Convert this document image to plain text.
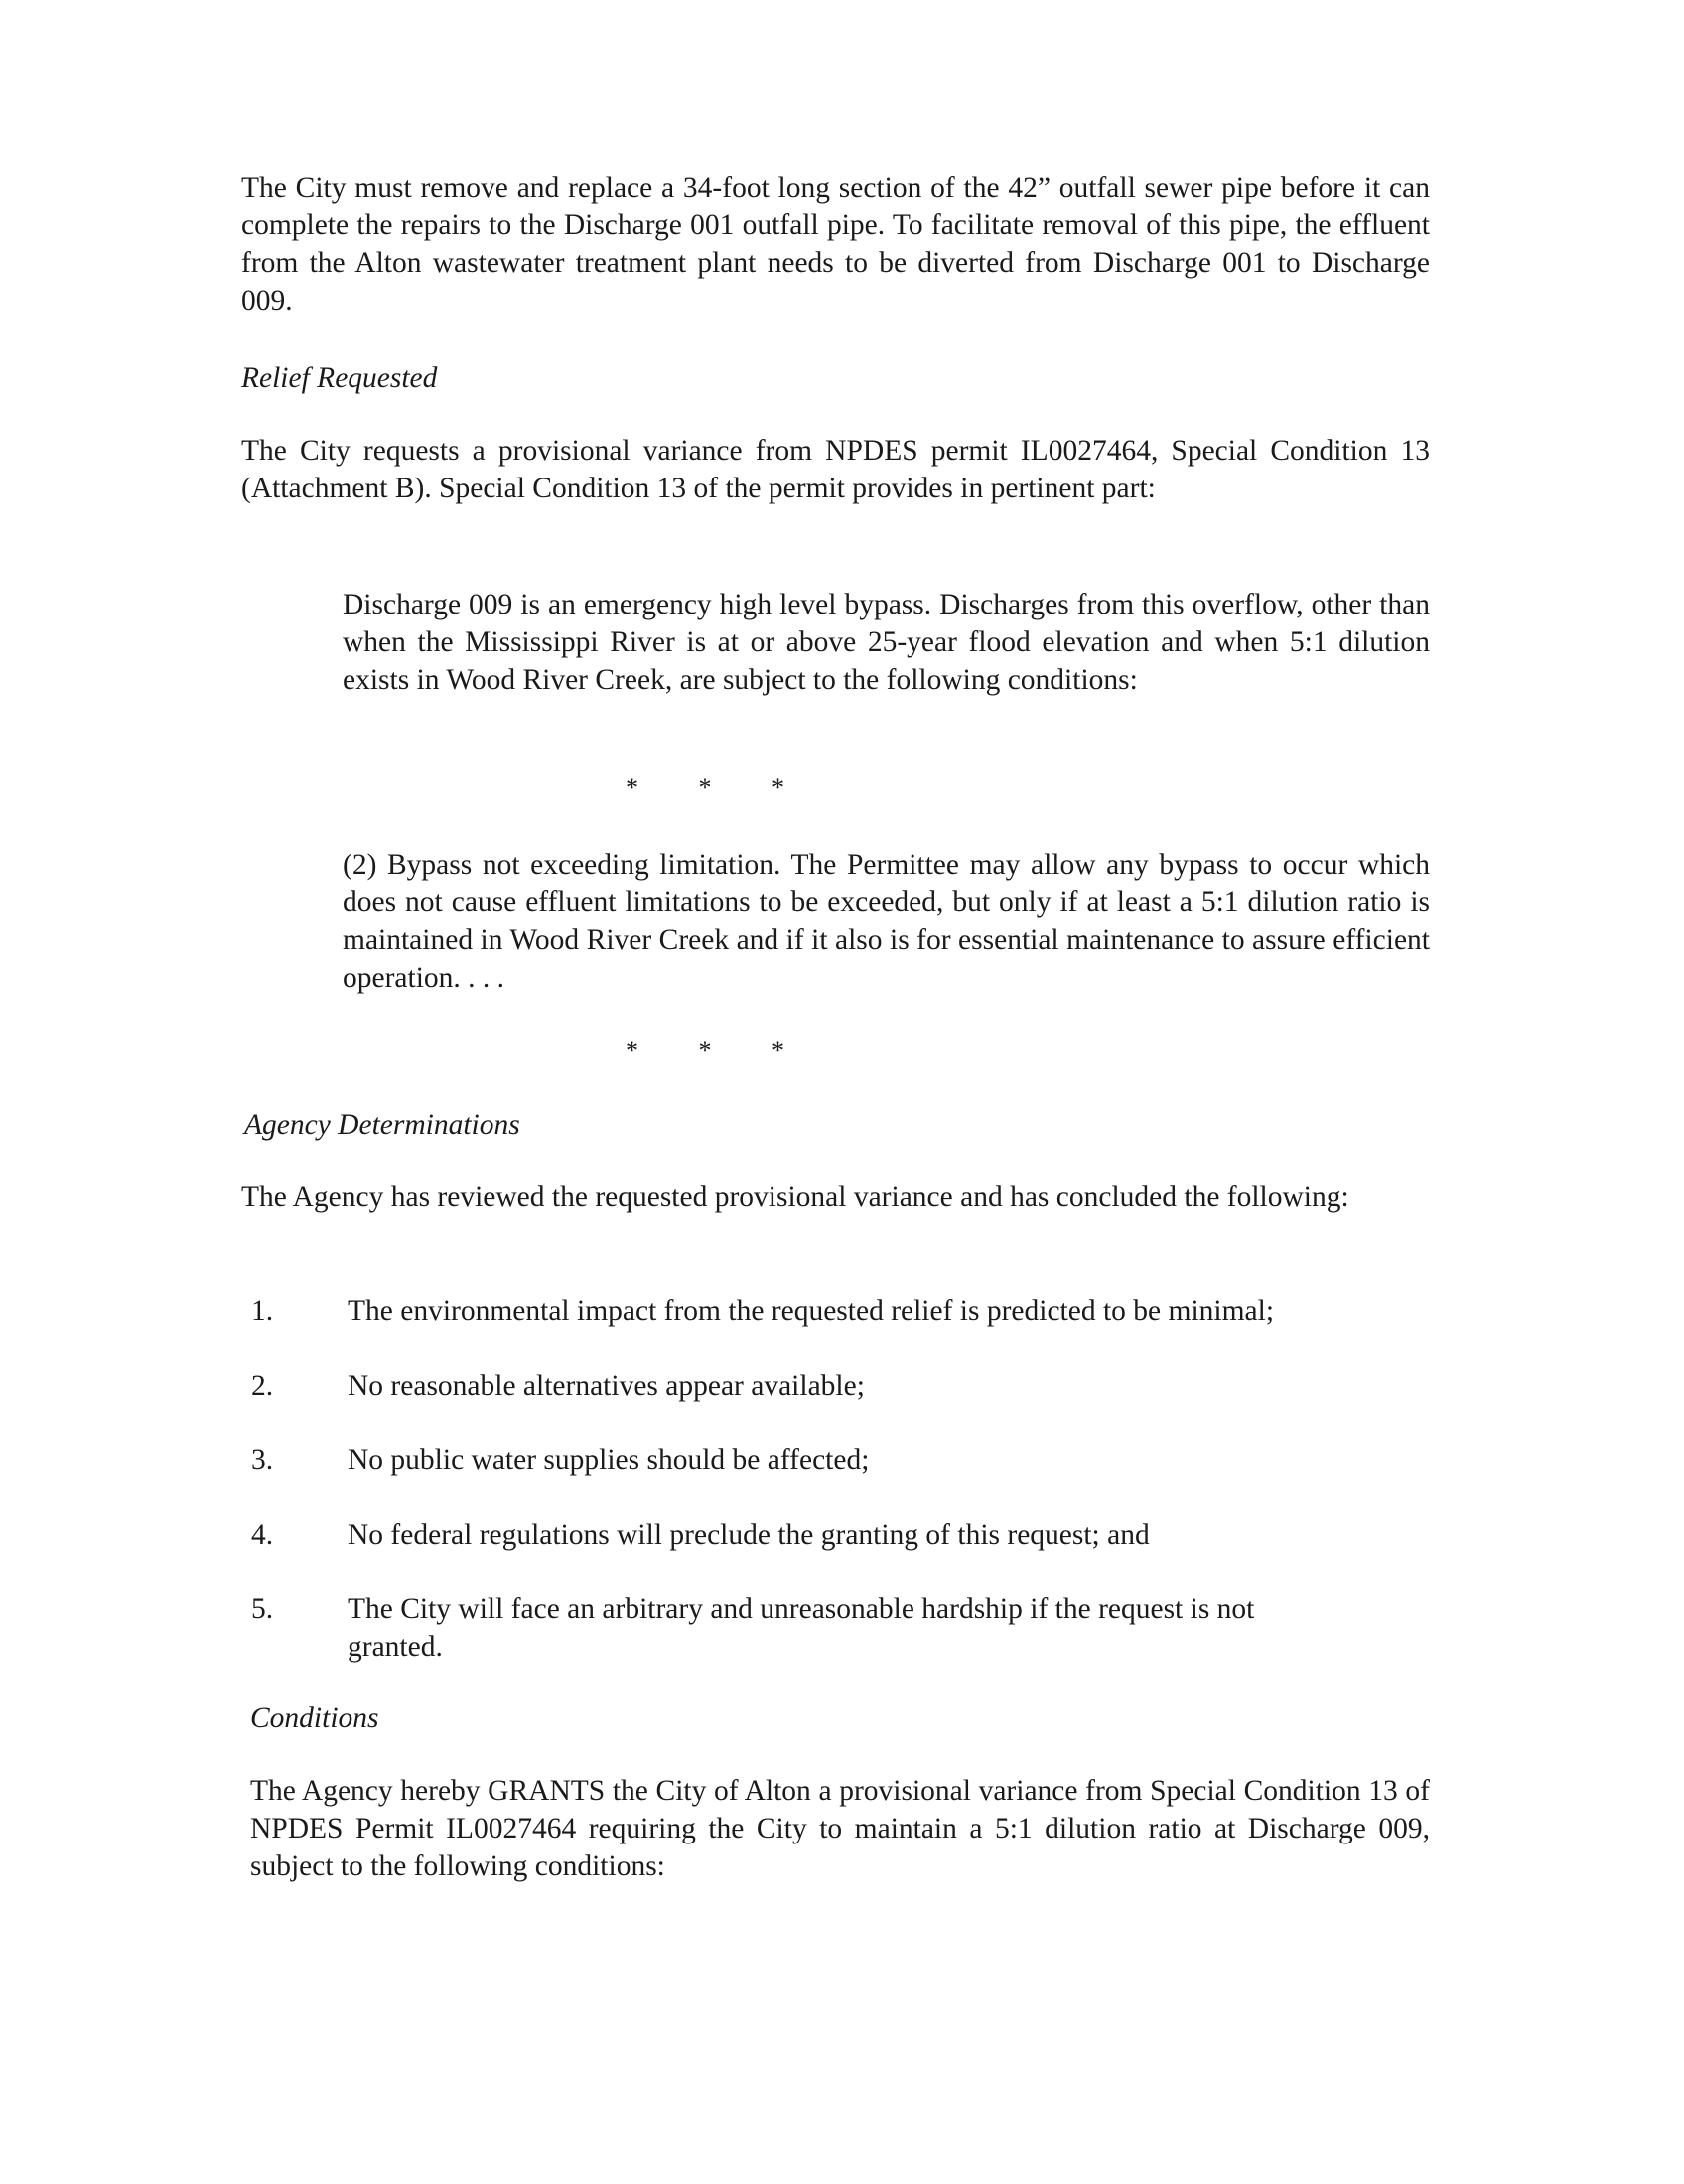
The City must remove and replace a 34-foot long section of the 42” outfall sewer pipe before it can complete the repairs to the Discharge 001 outfall pipe. To facilitate removal of this pipe, the effluent from the Alton wastewater treatment plant needs to be diverted from Discharge 001 to Discharge 009.
Relief Requested
The City requests a provisional variance from NPDES permit IL0027464, Special Condition 13 (Attachment B). Special Condition 13 of the permit provides in pertinent part:
Discharge 009 is an emergency high level bypass. Discharges from this overflow, other than when the Mississippi River is at or above 25-year flood elevation and when 5:1 dilution exists in Wood River Creek, are subject to the following conditions:
* * *
(2) Bypass not exceeding limitation. The Permittee may allow any bypass to occur which does not cause effluent limitations to be exceeded, but only if at least a 5:1 dilution ratio is maintained in Wood River Creek and if it also is for essential maintenance to assure efficient operation. . . .
* * *
Agency Determinations
The Agency has reviewed the requested provisional variance and has concluded the following:
1.	The environmental impact from the requested relief is predicted to be minimal;
2.	No reasonable alternatives appear available;
3.	No public water supplies should be affected;
4.	No federal regulations will preclude the granting of this request; and
5.	The City will face an arbitrary and unreasonable hardship if the request is not granted.
Conditions
The Agency hereby GRANTS the City of Alton a provisional variance from Special Condition 13 of NPDES Permit IL0027464 requiring the City to maintain a 5:1 dilution ratio at Discharge 009, subject to the following conditions:
